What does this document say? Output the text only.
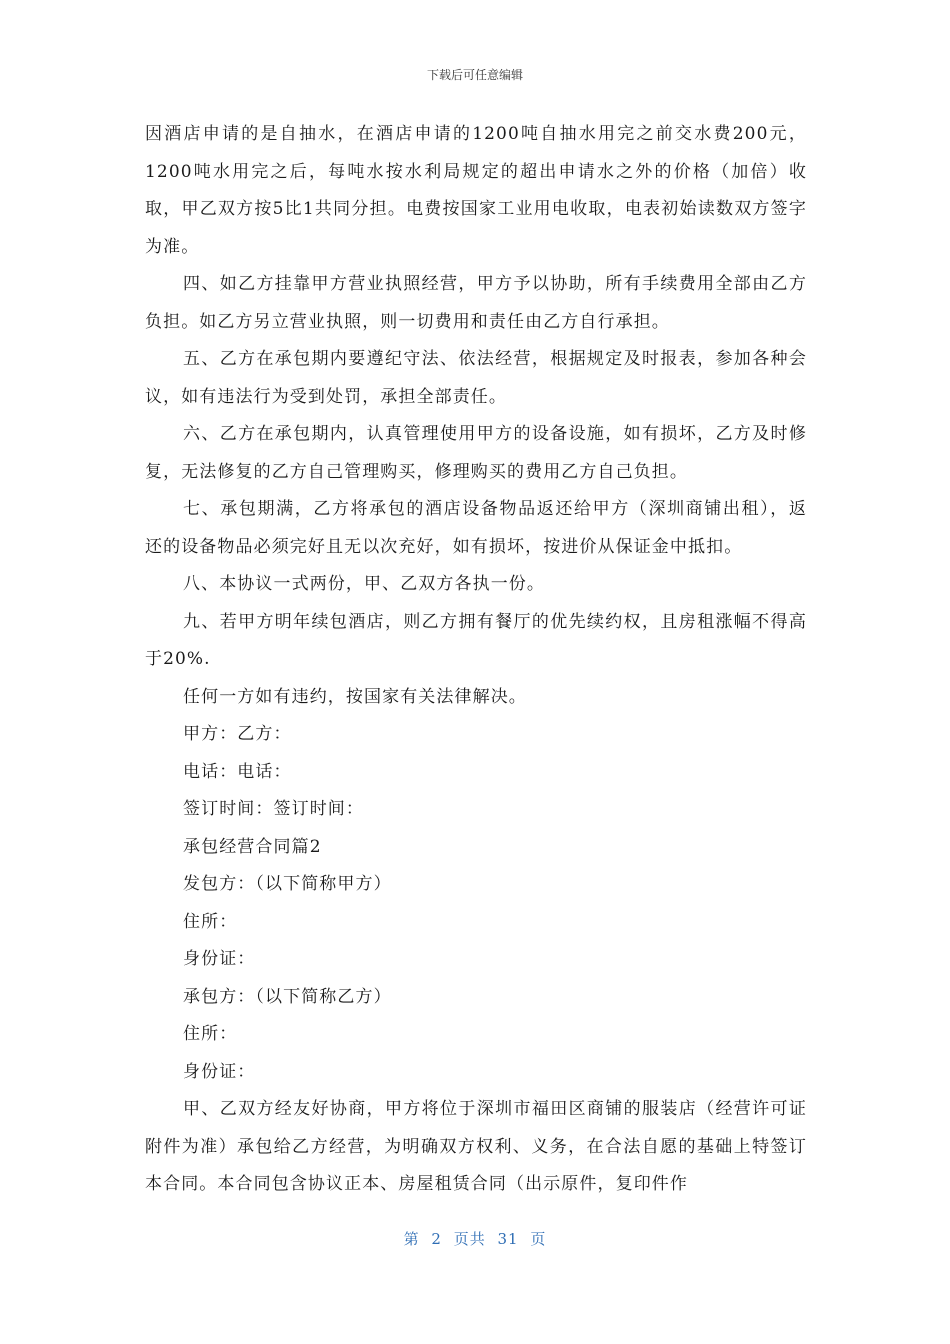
下载后可任意编辑

因酒店申请的是自抽水，在酒店申请的1200吨自抽水用完之前交水费200元，1200吨水用完之后，每吨水按水利局规定的超出申请水之外的价格（加倍）收取，甲乙双方按5比1共同分担。电费按国家工业用电收取，电表初始读数双方签字为准。

四、如乙方挂靠甲方营业执照经营，甲方予以协助，所有手续费用全部由乙方负担。如乙方另立营业执照，则一切费用和责任由乙方自行承担。

五、乙方在承包期内要遵纪守法、依法经营，根据规定及时报表，参加各种会议，如有违法行为受到处罚，承担全部责任。

六、乙方在承包期内，认真管理使用甲方的设备设施，如有损坏，乙方及时修复，无法修复的乙方自己管理购买，修理购买的费用乙方自己负担。

七、承包期满，乙方将承包的酒店设备物品返还给甲方（深圳商铺出租），返还的设备物品必须完好且无以次充好，如有损坏，按进价从保证金中抵扣。

八、本协议一式两份，甲、乙双方各执一份。

九、若甲方明年续包酒店，则乙方拥有餐厅的优先续约权，且房租涨幅不得高于20%.

任何一方如有违约，按国家有关法律解决。

甲方：乙方：

电话：电话：

签订时间：签订时间：

承包经营合同篇2

发包方：（以下简称甲方）

住所：

身份证：

承包方：（以下简称乙方）

住所：

身份证：

甲、乙双方经友好协商，甲方将位于深圳市福田区商铺的服装店（经营许可证附件为准）承包给乙方经营，为明确双方权利、义务，在合法自愿的基础上特签订本合同。本合同包含协议正本、房屋租赁合同（出示原件，复印件作

第 2 页共 31 页
